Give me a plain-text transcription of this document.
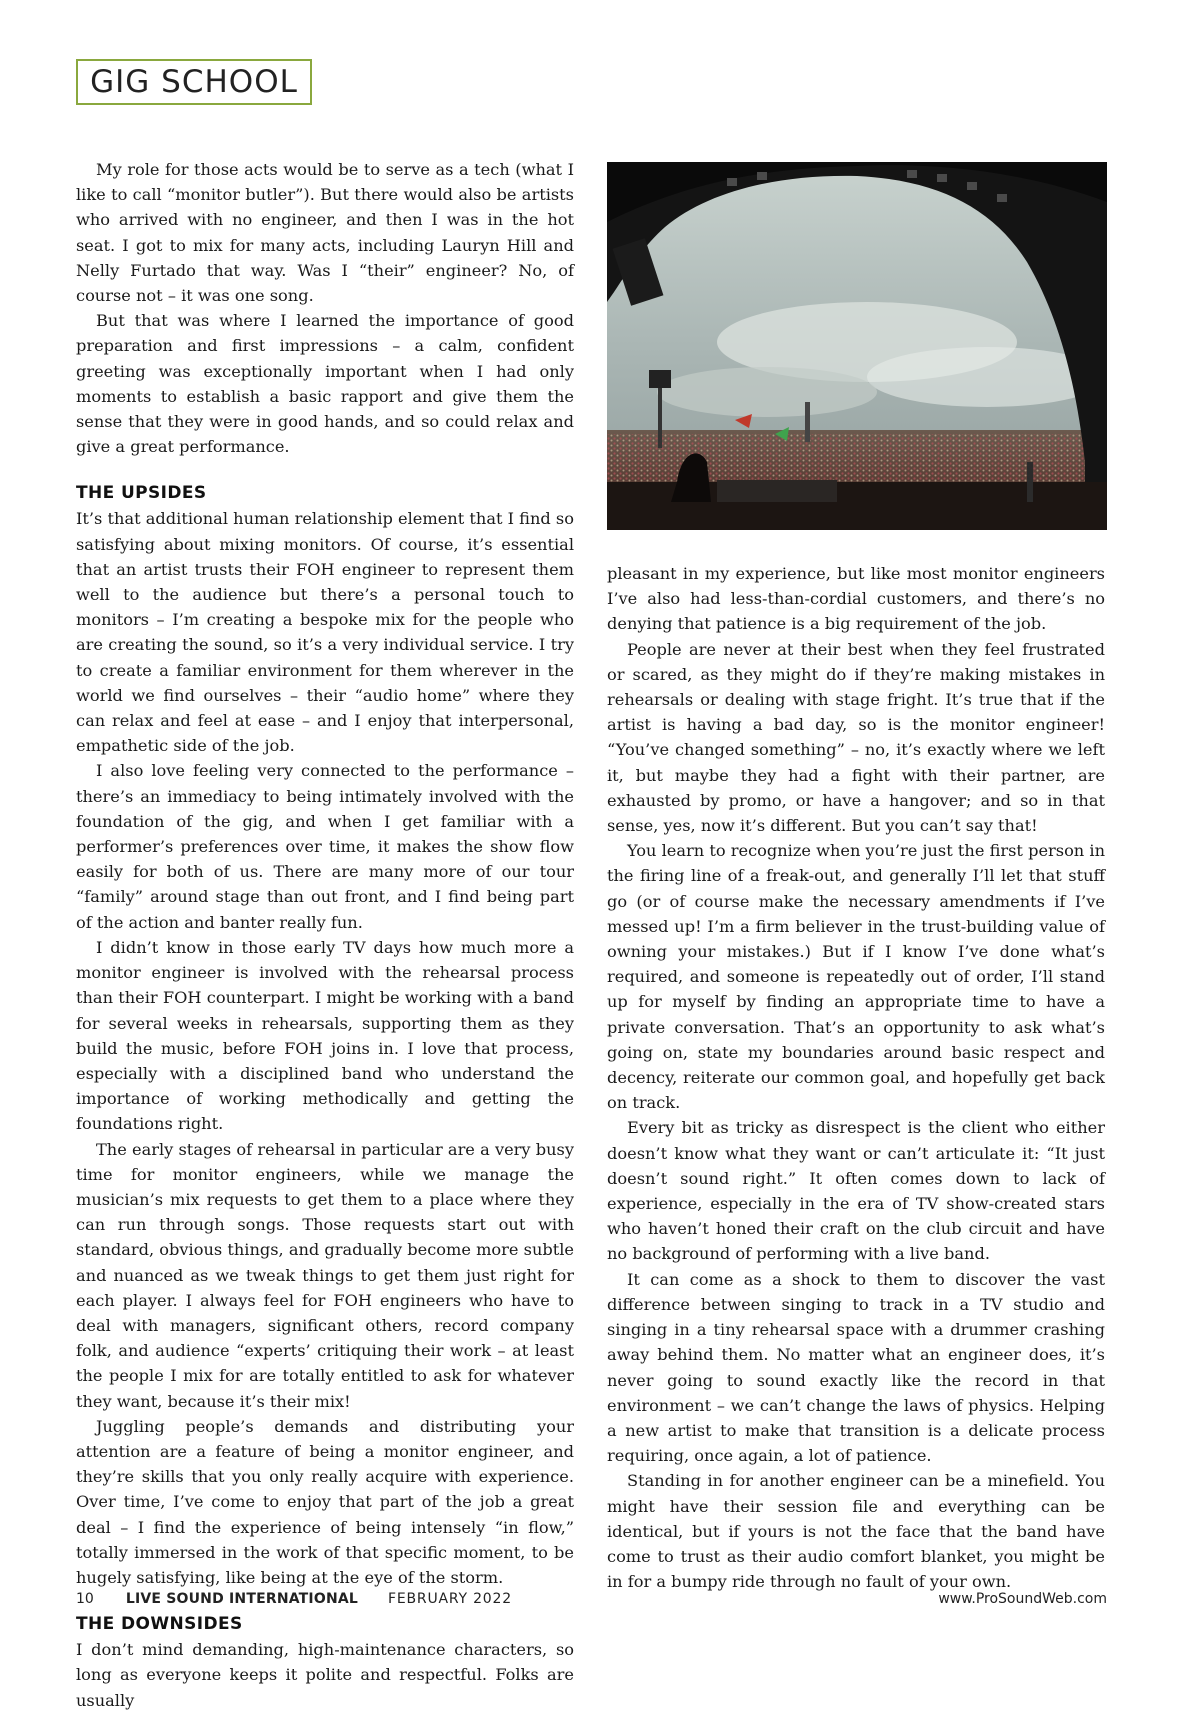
GIG SCHOOL

My role for those acts would be to serve as a tech (what I like to call “monitor butler”). But there would also be artists who arrived with no engineer, and then I was in the hot seat. I got to mix for many acts, including Lauryn Hill and Nelly Furtado that way. Was I “their” engineer? No, of course not – it was one song.

But that was where I learned the importance of good preparation and first impressions – a calm, confident greeting was exceptionally important when I had only moments to establish a basic rapport and give them the sense that they were in good hands, and so could relax and give a great performance.

THE UPSIDES

It’s that additional human relationship element that I find so satisfying about mixing monitors. Of course, it’s essential that an artist trusts their FOH engineer to represent them well to the audience but there’s a personal touch to monitors – I’m creating a bespoke mix for the people who are creating the sound, so it’s a very individual service. I try to create a familiar environment for them wherever in the world we find ourselves – their “audio home” where they can relax and feel at ease – and I enjoy that interpersonal, empathetic side of the job.

I also love feeling very connected to the performance – there’s an immediacy to being intimately involved with the foundation of the gig, and when I get familiar with a performer’s preferences over time, it makes the show flow easily for both of us. There are many more of our tour “family” around stage than out front, and I find being part of the action and banter really fun.

I didn’t know in those early TV days how much more a monitor engineer is involved with the rehearsal process than their FOH counterpart. I might be working with a band for several weeks in rehearsals, supporting them as they build the music, before FOH joins in. I love that process, especially with a disciplined band who understand the importance of working methodically and getting the foundations right.

The early stages of rehearsal in particular are a very busy time for monitor engineers, while we manage the musician’s mix requests to get them to a place where they can run through songs. Those requests start out with standard, obvious things, and gradually become more subtle and nuanced as we tweak things to get them just right for each player. I always feel for FOH engineers who have to deal with managers, significant others, record company folk, and audience “experts’ critiquing their work – at least the people I mix for are totally entitled to ask for whatever they want, because it’s their mix!

Juggling people’s demands and distributing your attention are a feature of being a monitor engineer, and they’re skills that you only really acquire with experience. Over time, I’ve come to enjoy that part of the job a great deal – I find the experience of being intensely “in flow,” totally immersed in the work of that specific moment, to be hugely satisfying, like being at the eye of the storm.

THE DOWNSIDES

I don’t mind demanding, high-maintenance characters, so long as everyone keeps it polite and respectful. Folks are usually

pleasant in my experience, but like most monitor engineers I’ve also had less-than-cordial customers, and there’s no denying that patience is a big requirement of the job.

People are never at their best when they feel frustrated or scared, as they might do if they’re making mistakes in rehearsals or dealing with stage fright. It’s true that if the artist is having a bad day, so is the monitor engineer! “You’ve changed something” – no, it’s exactly where we left it, but maybe they had a fight with their partner, are exhausted by promo, or have a hangover; and so in that sense, yes, now it’s different. But you can’t say that!

You learn to recognize when you’re just the first person in the firing line of a freak-out, and generally I’ll let that stuff go (or of course make the necessary amendments if I’ve messed up! I’m a firm believer in the trust-building value of owning your mistakes.) But if I know I’ve done what’s required, and someone is repeatedly out of order, I’ll stand up for myself by finding an appropriate time to have a private conversation. That’s an opportunity to ask what’s going on, state my boundaries around basic respect and decency, reiterate our common goal, and hopefully get back on track.

Every bit as tricky as disrespect is the client who either doesn’t know what they want or can’t articulate it: “It just doesn’t sound right.” It often comes down to lack of experience, especially in the era of TV show-created stars who haven’t honed their craft on the club circuit and have no background of performing with a live band.

It can come as a shock to them to discover the vast difference between singing to track in a TV studio and singing in a tiny rehearsal space with a drummer crashing away behind them. No matter what an engineer does, it’s never going to sound exactly like the record in that environment – we can’t change the laws of physics. Helping a new artist to make that transition is a delicate process requiring, once again, a lot of patience.

Standing in for another engineer can be a minefield. You might have their session file and everything can be identical, but if yours is not the face that the band have come to trust as their audio comfort blanket, you might be in for a bumpy ride through no fault of your own.

10 LIVE SOUND INTERNATIONAL FEBRUARY 2022	www.ProSoundWeb.com
